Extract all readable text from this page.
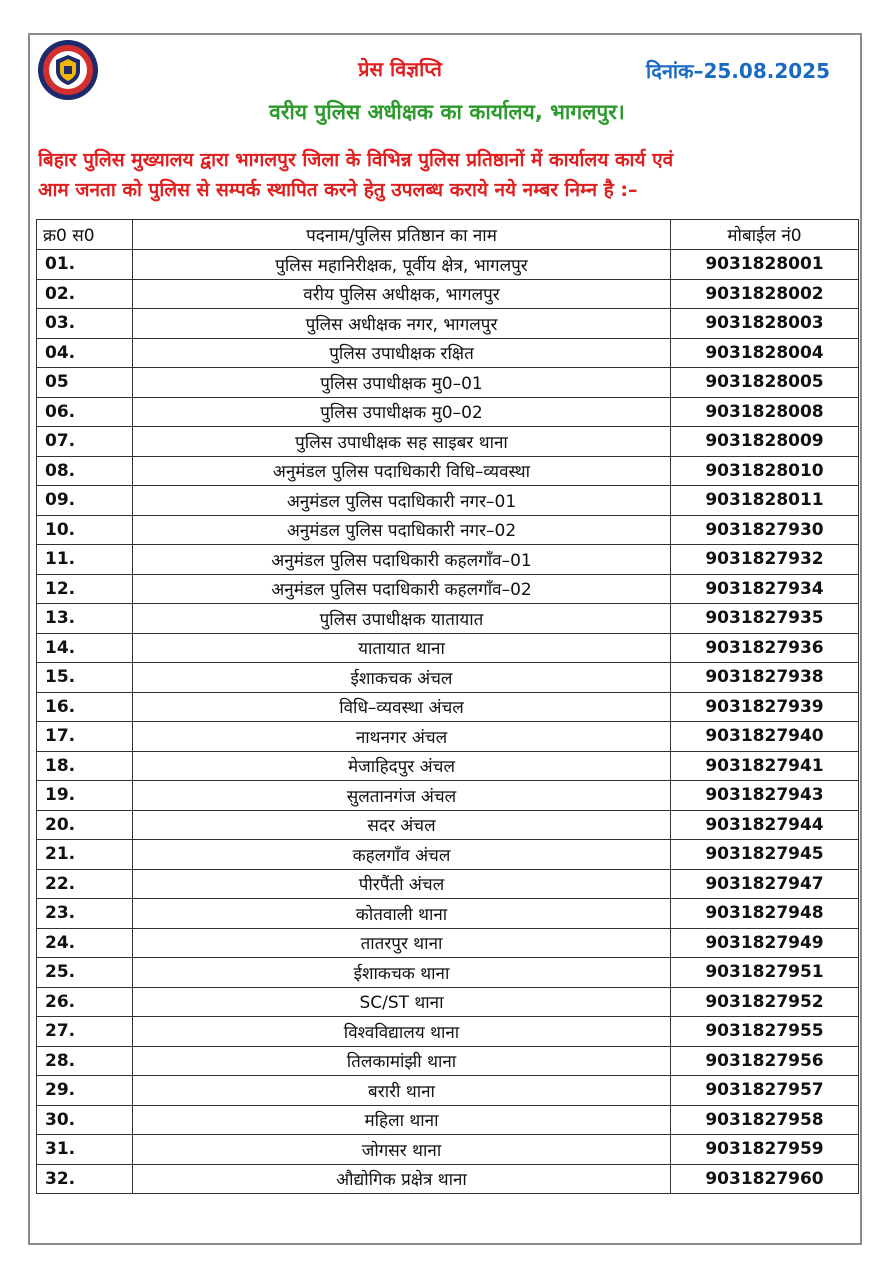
प्रेस विज्ञप्ति	दिनांक–25.08.2025
वरीय पुलिस अधीक्षक का कार्यालय, भागलपुर।
बिहार पुलिस मुख्यालय द्वारा भागलपुर जिला के विभिन्न पुलिस प्रतिष्ठानों में कार्यालय कार्य एवं
आम जनता को पुलिस से सम्पर्क स्थापित करने हेतु उपलब्ध कराये नये नम्बर निम्न है :–
क्र0 स0	पदनाम/पुलिस प्रतिष्ठान का नाम	मोबाईल नं0
01.	पुलिस महानिरीक्षक, पूर्वीय क्षेत्र, भागलपुर	9031828001
02.	वरीय पुलिस अधीक्षक, भागलपुर	9031828002
03.	पुलिस अधीक्षक नगर, भागलपुर	9031828003
04.	पुलिस उपाधीक्षक रक्षित	9031828004
05	पुलिस उपाधीक्षक मु0–01	9031828005
06.	पुलिस उपाधीक्षक मु0–02	9031828008
07.	पुलिस उपाधीक्षक सह साइबर थाना	9031828009
08.	अनुमंडल पुलिस पदाधिकारी विधि–व्यवस्था	9031828010
09.	अनुमंडल पुलिस पदाधिकारी नगर–01	9031828011
10.	अनुमंडल पुलिस पदाधिकारी नगर–02	9031827930
11.	अनुमंडल पुलिस पदाधिकारी कहलगाँव–01	9031827932
12.	अनुमंडल पुलिस पदाधिकारी कहलगाँव–02	9031827934
13.	पुलिस उपाधीक्षक यातायात	9031827935
14.	यातायात थाना	9031827936
15.	ईशाकचक अंचल	9031827938
16.	विधि–व्यवस्था अंचल	9031827939
17.	नाथनगर अंचल	9031827940
18.	मेजाहिदपुर अंचल	9031827941
19.	सुलतानगंज अंचल	9031827943
20.	सदर अंचल	9031827944
21.	कहलगाँव अंचल	9031827945
22.	पीरपैंती अंचल	9031827947
23.	कोतवाली थाना	9031827948
24.	तातरपुर थाना	9031827949
25.	ईशाकचक थाना	9031827951
26.	SC/ST थाना	9031827952
27.	विश्वविद्यालय थाना	9031827955
28.	तिलकामांझी थाना	9031827956
29.	बरारी थाना	9031827957
30.	महिला थाना	9031827958
31.	जोगसर थाना	9031827959
32.	औद्योगिक प्रक्षेत्र थाना	9031827960
